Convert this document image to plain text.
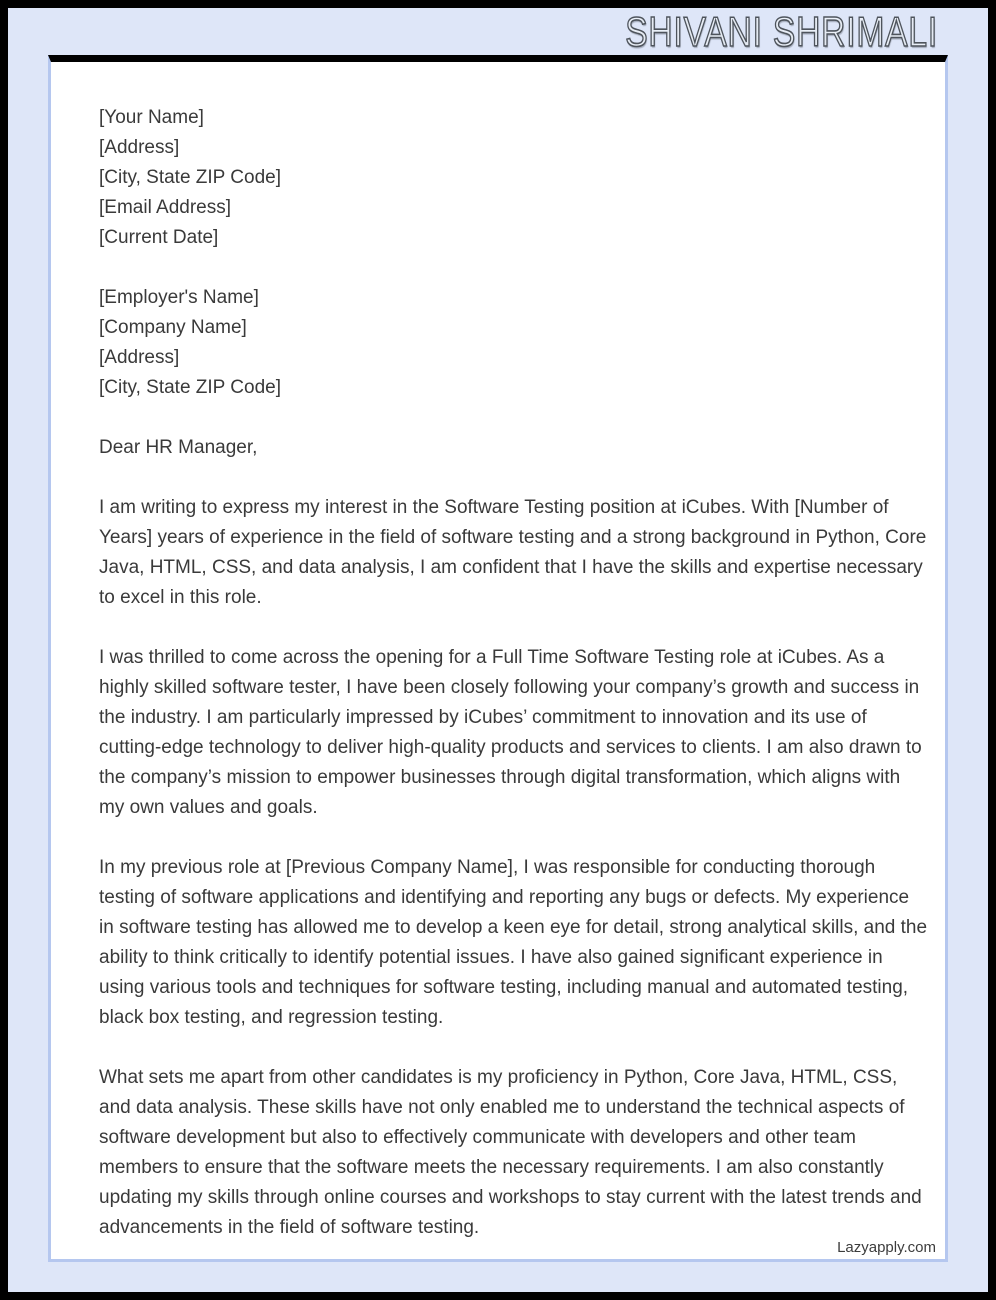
SHIVANI SHRIMALI
[Your Name]
[Address]
[City, State ZIP Code]
[Email Address]
[Current Date]
[Employer's Name]
[Company Name]
[Address]
[City, State ZIP Code]
Dear HR Manager,
I am writing to express my interest in the Software Testing position at iCubes. With [Number of Years] years of experience in the field of software testing and a strong background in Python, Core Java, HTML, CSS, and data analysis, I am confident that I have the skills and expertise necessary to excel in this role.
I was thrilled to come across the opening for a Full Time Software Testing role at iCubes. As a highly skilled software tester, I have been closely following your company’s growth and success in the industry. I am particularly impressed by iCubes’ commitment to innovation and its use of cutting-edge technology to deliver high-quality products and services to clients. I am also drawn to the company’s mission to empower businesses through digital transformation, which aligns with my own values and goals.
In my previous role at [Previous Company Name], I was responsible for conducting thorough testing of software applications and identifying and reporting any bugs or defects. My experience in software testing has allowed me to develop a keen eye for detail, strong analytical skills, and the ability to think critically to identify potential issues. I have also gained significant experience in using various tools and techniques for software testing, including manual and automated testing, black box testing, and regression testing.
What sets me apart from other candidates is my proficiency in Python, Core Java, HTML, CSS, and data analysis. These skills have not only enabled me to understand the technical aspects of software development but also to effectively communicate with developers and other team members to ensure that the software meets the necessary requirements. I am also constantly updating my skills through online courses and workshops to stay current with the latest trends and advancements in the field of software testing.
Lazyapply.com
